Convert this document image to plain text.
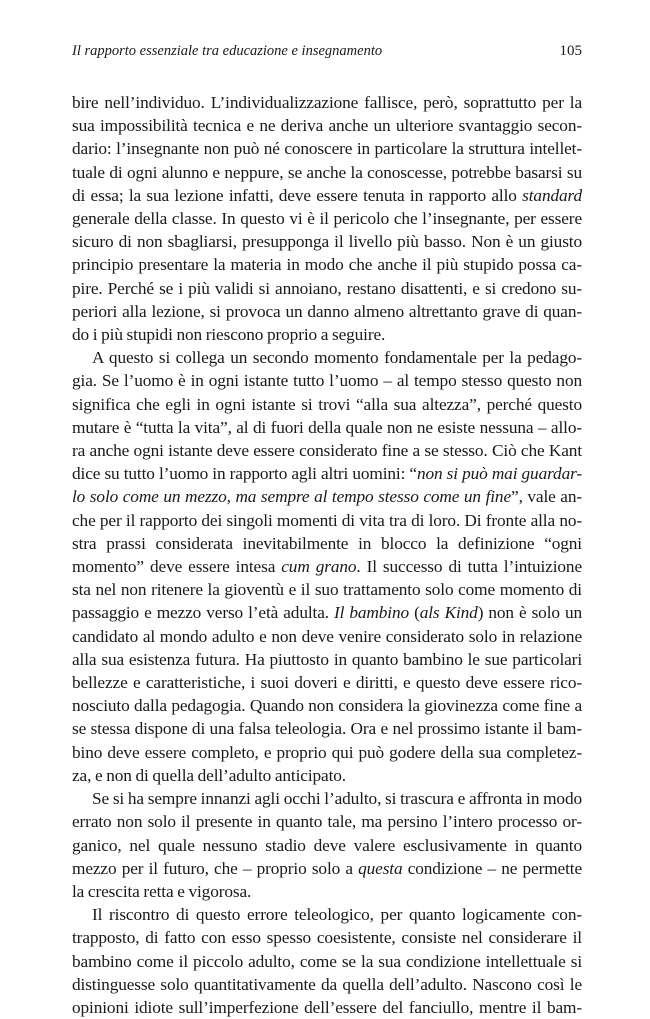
Il rapporto essenziale tra educazione e insegnamento	105
bire nell’individuo. L’individualizzazione fallisce, però, soprattutto per la
sua impossibilità tecnica e ne deriva anche un ulteriore svantaggio secon-
dario: l’insegnante non può né conoscere in particolare la struttura intellet-
tuale di ogni alunno e neppure, se anche la conoscesse, potrebbe basarsi su
di essa; la sua lezione infatti, deve essere tenuta in rapporto allo standard
generale della classe. In questo vi è il pericolo che l’insegnante, per essere
sicuro di non sbagliarsi, presupponga il livello più basso. Non è un giusto
principio presentare la materia in modo che anche il più stupido possa ca-
pire. Perché se i più validi si annoiano, restano disattenti, e si credono su-
periori alla lezione, si provoca un danno almeno altrettanto grave di quan-
do i più stupidi non riescono proprio a seguire.
A questo si collega un secondo momento fondamentale per la pedago-
gia. Se l’uomo è in ogni istante tutto l’uomo – al tempo stesso questo non
significa che egli in ogni istante si trovi “alla sua altezza”, perché questo
mutare è “tutta la vita”, al di fuori della quale non ne esiste nessuna – allo-
ra anche ogni istante deve essere considerato fine a se stesso. Ciò che Kant
dice su tutto l’uomo in rapporto agli altri uomini: “non si può mai guardar-
lo solo come un mezzo, ma sempre al tempo stesso come un fine”, vale an-
che per il rapporto dei singoli momenti di vita tra di loro. Di fronte alla no-
stra prassi considerata inevitabilmente in blocco la definizione “ogni
momento” deve essere intesa cum grano. Il successo di tutta l’intuizione
sta nel non ritenere la gioventù e il suo trattamento solo come momento di
passaggio e mezzo verso l’età adulta. Il bambino (als Kind) non è solo un
candidato al mondo adulto e non deve venire considerato solo in relazione
alla sua esistenza futura. Ha piuttosto in quanto bambino le sue particolari
bellezze e caratteristiche, i suoi doveri e diritti, e questo deve essere rico-
nosciuto dalla pedagogia. Quando non considera la giovinezza come fine a
se stessa dispone di una falsa teleologia. Ora e nel prossimo istante il bam-
bino deve essere completo, e proprio qui può godere della sua completez-
za, e non di quella dell’adulto anticipato.
Se si ha sempre innanzi agli occhi l’adulto, si trascura e affronta in modo
errato non solo il presente in quanto tale, ma persino l’intero processo or-
ganico, nel quale nessuno stadio deve valere esclusivamente in quanto
mezzo per il futuro, che – proprio solo a questa condizione – ne permette
la crescita retta e vigorosa.
Il riscontro di questo errore teleologico, per quanto logicamente con-
trapposto, di fatto con esso spesso coesistente, consiste nel considerare il
bambino come il piccolo adulto, come se la sua condizione intellettuale si
distinguesse solo quantitativamente da quella dell’adulto. Nascono così le
opinioni idiote sull’imperfezione dell’essere del fanciullo, mentre il bam-
